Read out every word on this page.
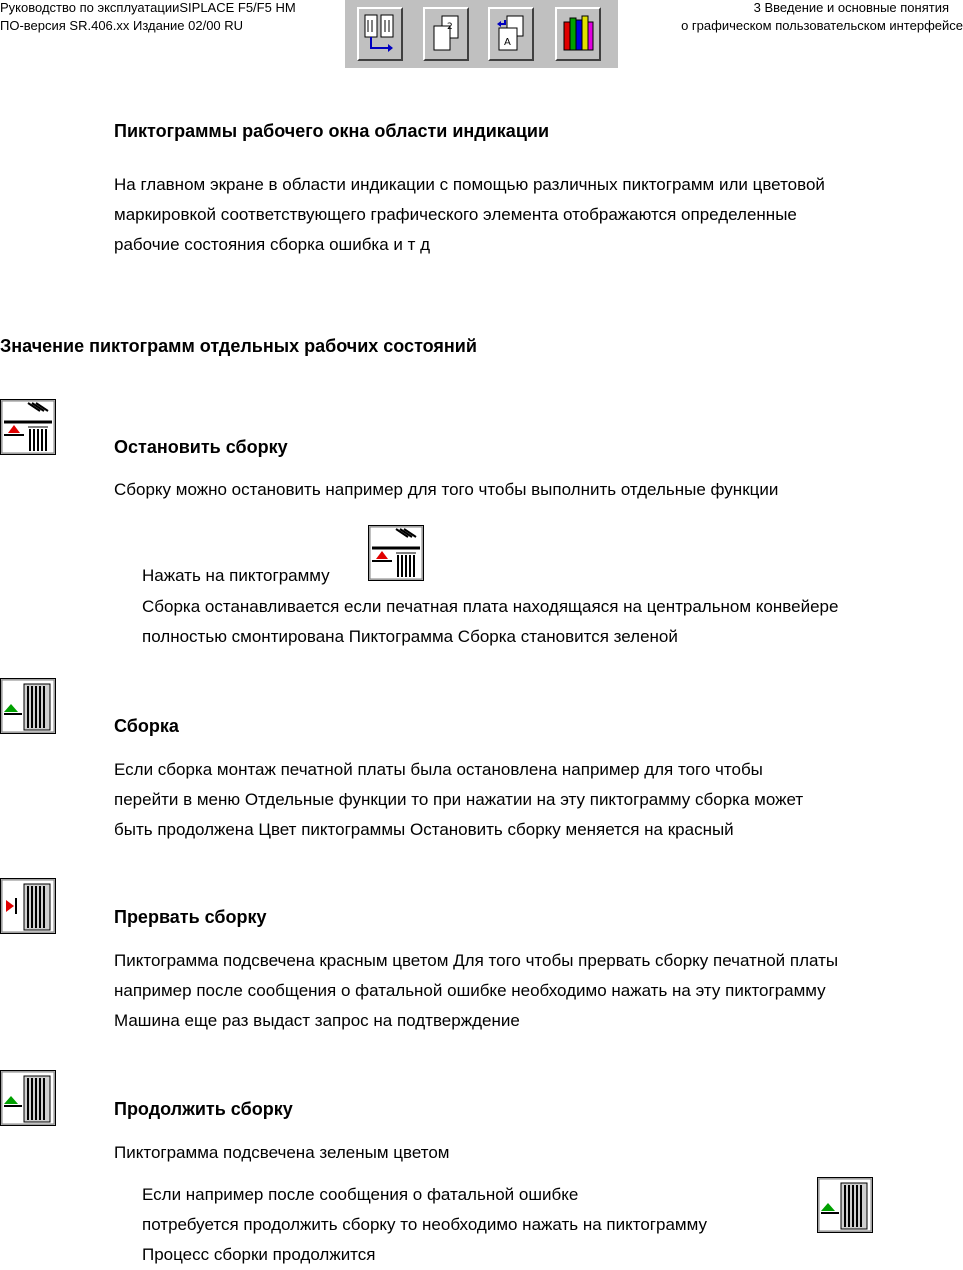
Руководство по эксплуатацииSIPLACE F5/F5 HM
ПО-версия SR.406.xx Издание 02/00 RU
3 Введение и основные понятия
о графическом пользовательском интерфейсе
2
A
Пиктограммы рабочего окна области индикации
На главном экране в области индикации с помощью различных пиктограмм или цветовой
маркировкой соответствующего графического элемента отображаются определенные
рабочие состояния сборка ошибка и т д
Значение пиктограмм отдельных рабочих состояний
Остановить сборку
Сборку можно остановить например для того чтобы выполнить отдельные функции
Нажать на пиктограмму
Сборка останавливается если печатная плата находящаяся на центральном конвейере
полностью смонтирована Пиктограмма Сборка становится зеленой
Сборка
Если сборка монтаж печатной платы была остановлена например для того чтобы
перейти в меню Отдельные функции то при нажатии на эту пиктограмму сборка может
быть продолжена Цвет пиктограммы Остановить сборку меняется на красный
Прервать сборку
Пиктограмма подсвечена красным цветом Для того чтобы прервать сборку печатной платы
например после сообщения о фатальной ошибке необходимо нажать на эту пиктограмму
Машина еще раз выдаст запрос на подтверждение
Продолжить сборку
Пиктограмма подсвечена зеленым цветом
Если например после сообщения о фатальной ошибке
потребуется продолжить сборку то необходимо нажать на пиктограмму
Процесс сборки продолжится
